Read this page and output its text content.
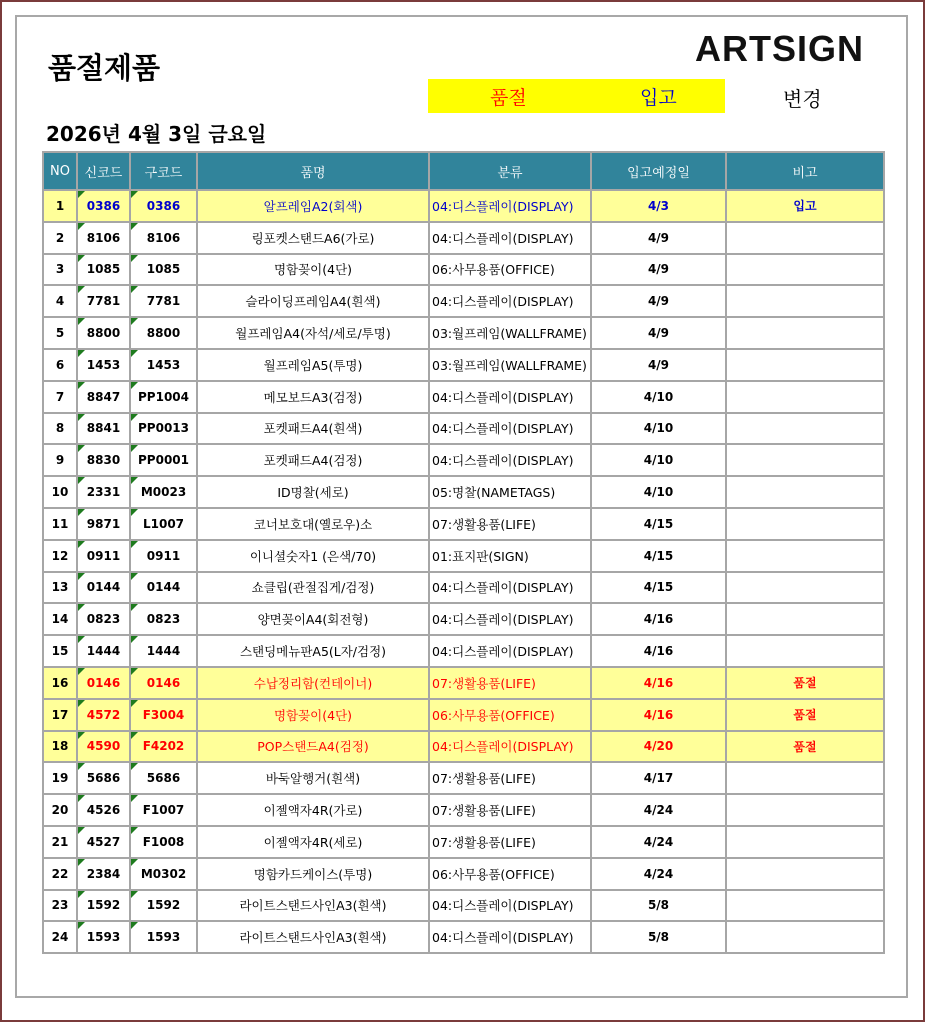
품절제품	ARTSIGN
품절	입고	변경
2026년 4월 3일 금요일
NO	신코드	구코드	품명	분류	입고예정일	비고
1	0386	0386	알프레임A2(회색)	04:디스플레이(DISPLAY)	4/3	입고
2	8106	8106	링포켓스탠드A6(가로)	04:디스플레이(DISPLAY)	4/9	
3	1085	1085	명함꽂이(4단)	06:사무용품(OFFICE)	4/9	
4	7781	7781	슬라이딩프레임A4(흰색)	04:디스플레이(DISPLAY)	4/9	
5	8800	8800	월프레임A4(자석/세로/투명)	03:월프레임(WALLFRAME)	4/9	
6	1453	1453	월프레임A5(투명)	03:월프레임(WALLFRAME)	4/9	
7	8847	PP1004	메모보드A3(검정)	04:디스플레이(DISPLAY)	4/10	
8	8841	PP0013	포켓패드A4(흰색)	04:디스플레이(DISPLAY)	4/10	
9	8830	PP0001	포켓패드A4(검정)	04:디스플레이(DISPLAY)	4/10	
10	2331	M0023	ID명찰(세로)	05:명찰(NAMETAGS)	4/10	
11	9871	L1007	코너보호대(옐로우)소	07:생활용품(LIFE)	4/15	
12	0911	0911	이니셜숫자1 (은색/70)	01:표지판(SIGN)	4/15	
13	0144	0144	쇼클립(관절집게/검정)	04:디스플레이(DISPLAY)	4/15	
14	0823	0823	양면꽂이A4(회전형)	04:디스플레이(DISPLAY)	4/16	
15	1444	1444	스탠딩메뉴판A5(L자/검정)	04:디스플레이(DISPLAY)	4/16	
16	0146	0146	수납정리함(컨테이너)	07:생활용품(LIFE)	4/16	품절
17	4572	F3004	명함꽂이(4단)	06:사무용품(OFFICE)	4/16	품절
18	4590	F4202	POP스탠드A4(검정)	04:디스플레이(DISPLAY)	4/20	품절
19	5686	5686	바둑알행거(흰색)	07:생활용품(LIFE)	4/17	
20	4526	F1007	이젤액자4R(가로)	07:생활용품(LIFE)	4/24	
21	4527	F1008	이젤액자4R(세로)	07:생활용품(LIFE)	4/24	
22	2384	M0302	명함카드케이스(투명)	06:사무용품(OFFICE)	4/24	
23	1592	1592	라이트스탠드사인A3(흰색)	04:디스플레이(DISPLAY)	5/8	
24	1593	1593	라이트스탠드사인A3(흰색)	04:디스플레이(DISPLAY)	5/8	
